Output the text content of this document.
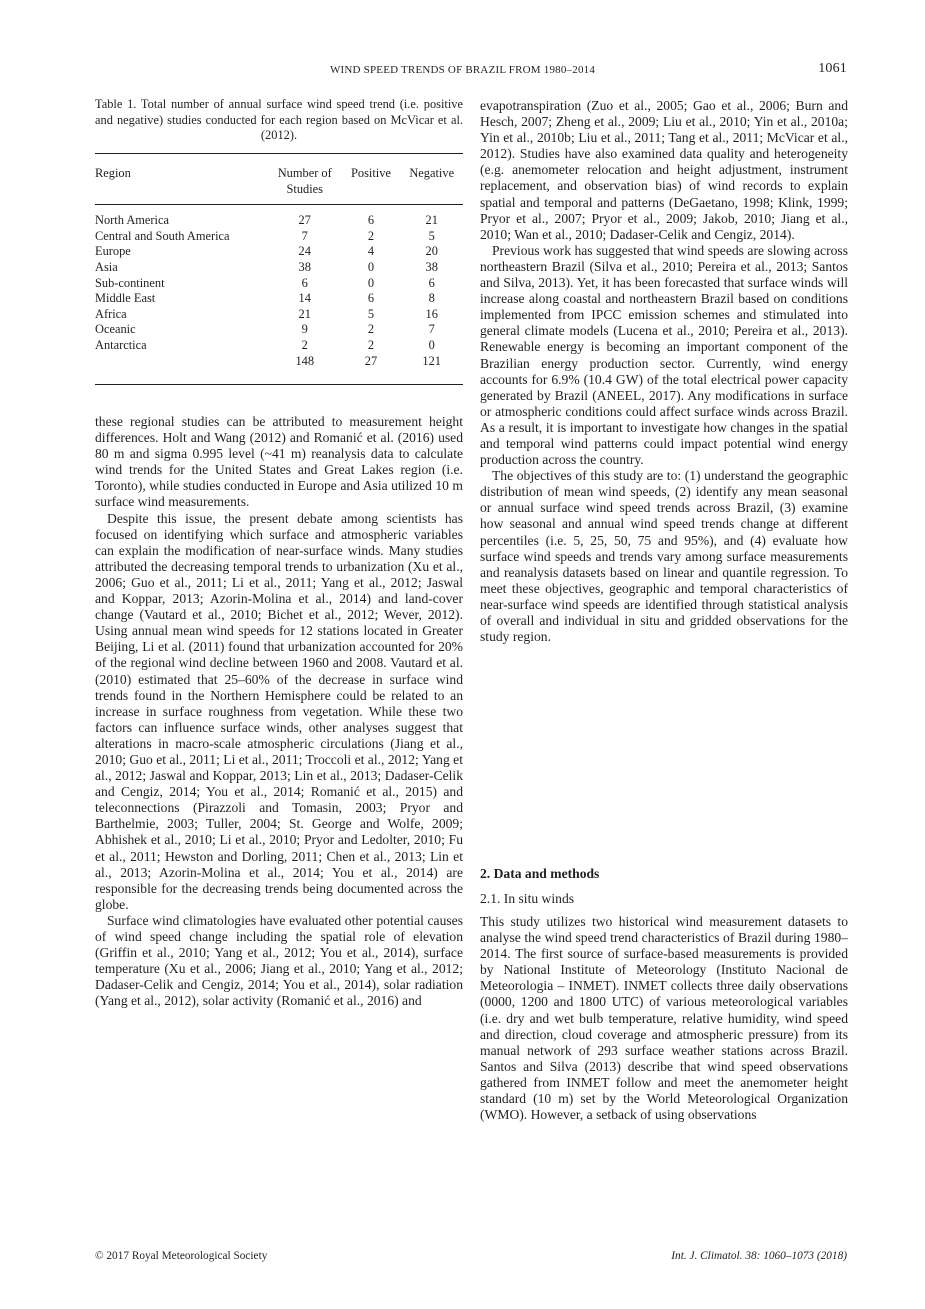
WIND SPEED TRENDS OF BRAZIL FROM 1980–2014	1061
Table 1. Total number of annual surface wind speed trend (i.e. positive and negative) studies conducted for each region based on McVicar et al. (2012).
Region	Number of Studies	Positive	Negative
North America	27	6	21
Central and South America	7	2	5
Europe	24	4	20
Asia	38	0	38
Sub-continent	6	0	6
Middle East	14	6	8
Africa	21	5	16
Oceanic	9	2	7
Antarctica	2	2	0
	148	27	121

these regional studies can be attributed to measurement height differences. Holt and Wang (2012) and Romanić et al. (2016) used 80 m and sigma 0.995 level (~41 m) reanalysis data to calculate wind trends for the United States and Great Lakes region (i.e. Toronto), while studies conducted in Europe and Asia utilized 10 m surface wind measurements.

Despite this issue, the present debate among scientists has focused on identifying which surface and atmospheric variables can explain the modification of near-surface winds. Many studies attributed the decreasing temporal trends to urbanization (Xu et al., 2006; Guo et al., 2011; Li et al., 2011; Yang et al., 2012; Jaswal and Koppar, 2013; Azorin-Molina et al., 2014) and land-cover change (Vautard et al., 2010; Bichet et al., 2012; Wever, 2012). Using annual mean wind speeds for 12 stations located in Greater Beijing, Li et al. (2011) found that urbanization accounted for 20% of the regional wind decline between 1960 and 2008. Vautard et al. (2010) estimated that 25–60% of the decrease in surface wind trends found in the Northern Hemisphere could be related to an increase in surface roughness from vegetation. While these two factors can influence surface winds, other analyses suggest that alterations in macro-scale atmospheric circulations (Jiang et al., 2010; Guo et al., 2011; Li et al., 2011; Troccoli et al., 2012; Yang et al., 2012; Jaswal and Koppar, 2013; Lin et al., 2013; Dadaser-Celik and Cengiz, 2014; You et al., 2014; Romanić et al., 2015) and teleconnections (Pirazzoli and Tomasin, 2003; Pryor and Barthelmie, 2003; Tuller, 2004; St. George and Wolfe, 2009; Abhishek et al., 2010; Li et al., 2010; Pryor and Ledolter, 2010; Fu et al., 2011; Hewston and Dorling, 2011; Chen et al., 2013; Lin et al., 2013; Azorin-Molina et al., 2014; You et al., 2014) are responsible for the decreasing trends being documented across the globe.

Surface wind climatologies have evaluated other potential causes of wind speed change including the spatial role of elevation (Griffin et al., 2010; Yang et al., 2012; You et al., 2014), surface temperature (Xu et al., 2006; Jiang et al., 2010; Yang et al., 2012; Dadaser-Celik and Cengiz, 2014; You et al., 2014), solar radiation (Yang et al., 2012), solar activity (Romanić et al., 2016) and

evapotranspiration (Zuo et al., 2005; Gao et al., 2006; Burn and Hesch, 2007; Zheng et al., 2009; Liu et al., 2010; Yin et al., 2010a; Yin et al., 2010b; Liu et al., 2011; Tang et al., 2011; McVicar et al., 2012). Studies have also examined data quality and heterogeneity (e.g. anemometer relocation and height adjustment, instrument replacement, and observation bias) of wind records to explain spatial and temporal and patterns (DeGaetano, 1998; Klink, 1999; Pryor et al., 2007; Pryor et al., 2009; Jakob, 2010; Jiang et al., 2010; Wan et al., 2010; Dadaser-Celik and Cengiz, 2014).

Previous work has suggested that wind speeds are slowing across northeastern Brazil (Silva et al., 2010; Pereira et al., 2013; Santos and Silva, 2013). Yet, it has been forecasted that surface winds will increase along coastal and northeastern Brazil based on conditions implemented from IPCC emission schemes and stimulated into general climate models (Lucena et al., 2010; Pereira et al., 2013). Renewable energy is becoming an important component of the Brazilian energy production sector. Currently, wind energy accounts for 6.9% (10.4 GW) of the total electrical power capacity generated by Brazil (ANEEL, 2017). Any modifications in surface or atmospheric conditions could affect surface winds across Brazil. As a result, it is important to investigate how changes in the spatial and temporal wind patterns could impact potential wind energy production across the country.

The objectives of this study are to: (1) understand the geographic distribution of mean wind speeds, (2) identify any mean seasonal or annual surface wind speed trends across Brazil, (3) examine how seasonal and annual wind speed trends change at different percentiles (i.e. 5, 25, 50, 75 and 95%), and (4) evaluate how surface wind speeds and trends vary among surface measurements and reanalysis datasets based on linear and quantile regression. To meet these objectives, geographic and temporal characteristics of near-surface wind speeds are identified through statistical analysis of overall and individual in situ and gridded observations for the study region.

2. Data and methods
2.1. In situ winds

This study utilizes two historical wind measurement datasets to analyse the wind speed trend characteristics of Brazil during 1980–2014. The first source of surface-based measurements is provided by National Institute of Meteorology (Instituto Nacional de Meteorologia – INMET). INMET collects three daily observations (0000, 1200 and 1800 UTC) of various meteorological variables (i.e. dry and wet bulb temperature, relative humidity, wind speed and direction, cloud coverage and atmospheric pressure) from its manual network of 293 surface weather stations across Brazil. Santos and Silva (2013) describe that wind speed observations gathered from INMET follow and meet the anemometer height standard (10 m) set by the World Meteorological Organization (WMO). However, a setback of using observations

© 2017 Royal Meteorological Society	Int. J. Climatol. 38: 1060–1073 (2018)
